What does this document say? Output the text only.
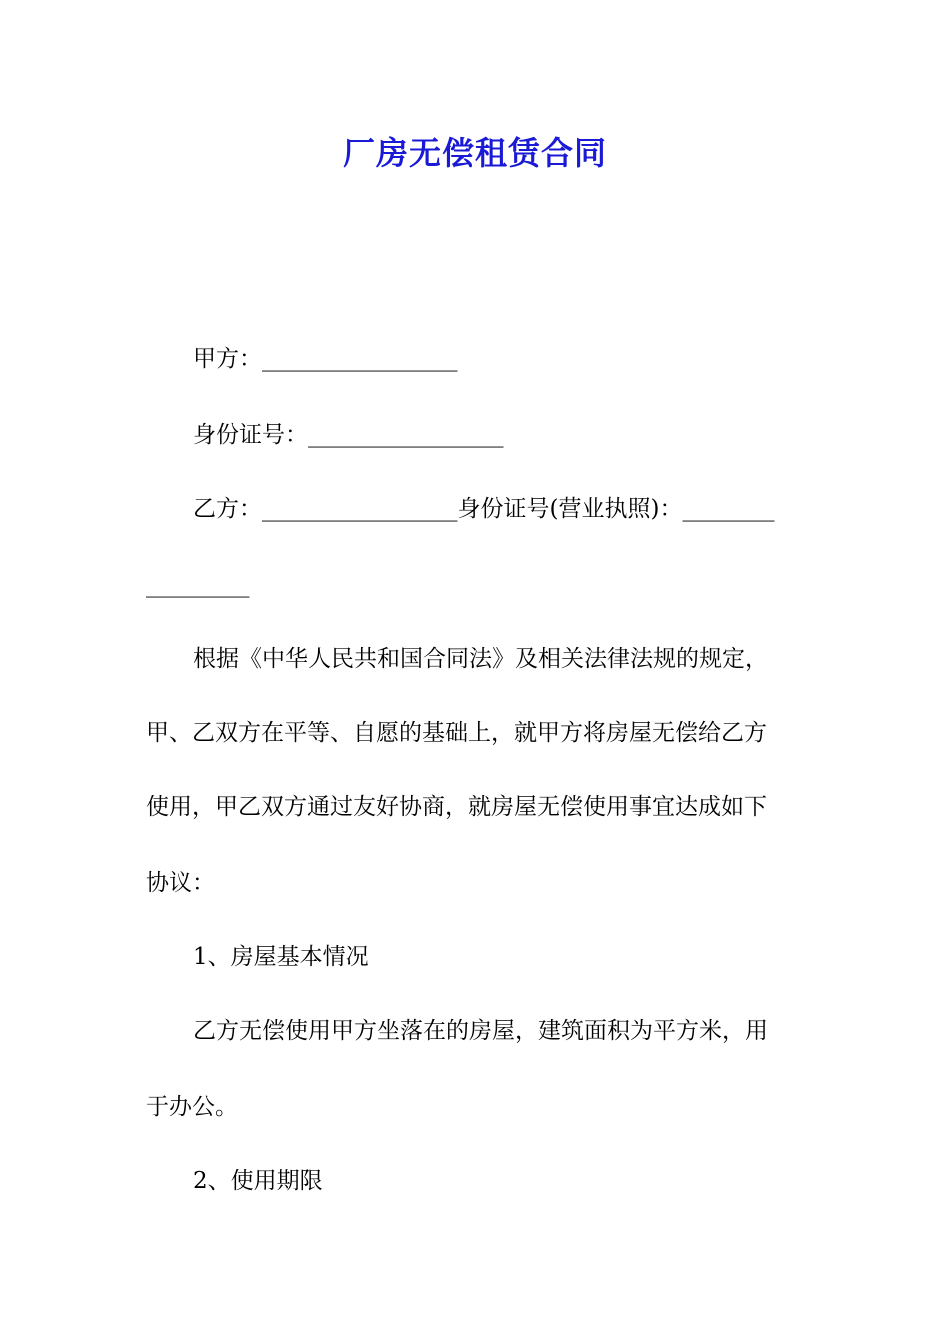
厂房无偿租赁合同
甲方：_________________
身份证号：_________________
乙方：_________________身份证号(营业执照)：________
_________
根据《中华人民共和国合同法》及相关法律法规的规定，
甲、乙双方在平等、自愿的基础上，就甲方将房屋无偿给乙方
使用，甲乙双方通过友好协商，就房屋无偿使用事宜达成如下
协议：
1、房屋基本情况
乙方无偿使用甲方坐落在的房屋，建筑面积为平方米，用
于办公。
2、使用期限
